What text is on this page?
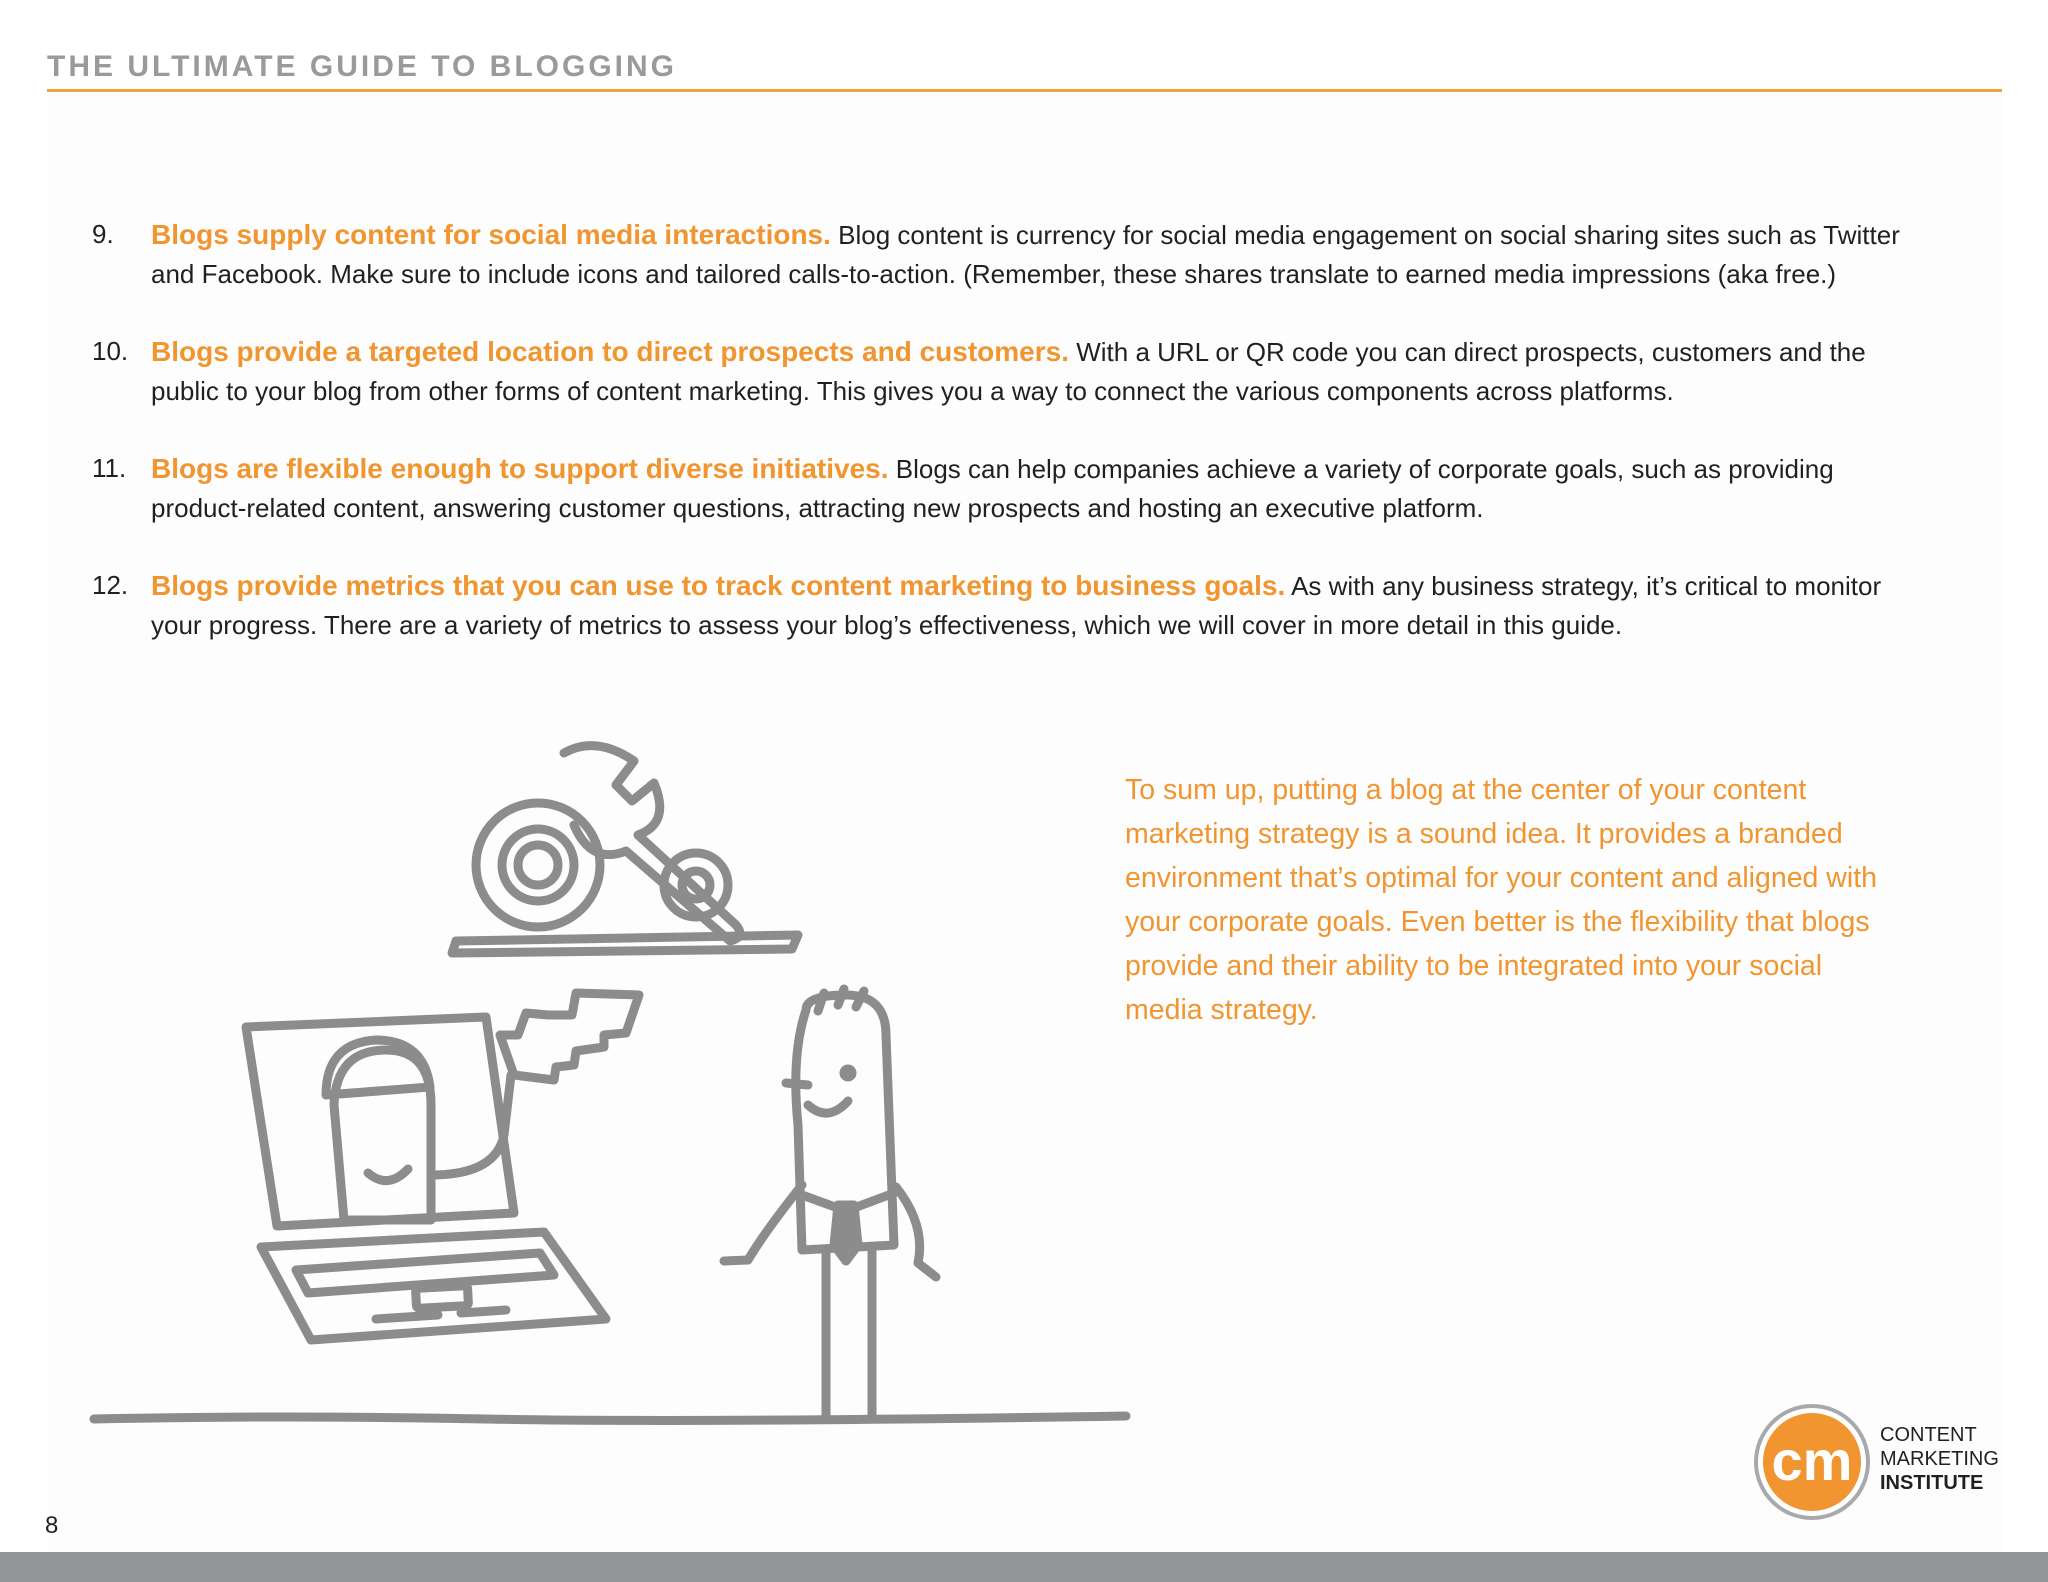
THE ULTIMATE GUIDE TO BLOGGING
9. Blogs supply content for social media interactions. Blog content is currency for social media engagement on social sharing sites such as Twitter and Facebook. Make sure to include icons and tailored calls-to-action. (Remember, these shares translate to earned media impressions (aka free.)
10. Blogs provide a targeted location to direct prospects and customers. With a URL or QR code you can direct prospects, customers and the public to your blog from other forms of content marketing. This gives you a way to connect the various components across platforms.
11. Blogs are flexible enough to support diverse initiatives. Blogs can help companies achieve a variety of corporate goals, such as providing product-related content, answering customer questions, attracting new prospects and hosting an executive platform.
12. Blogs provide metrics that you can use to track content marketing to business goals. As with any business strategy, it’s critical to monitor your progress. There are a variety of metrics to assess your blog’s effectiveness, which we will cover in more detail in this guide.
To sum up, putting a blog at the center of your content marketing strategy is a sound idea. It provides a branded environment that’s optimal for your content and aligned with your corporate goals. Even better is the flexibility that blogs provide and their ability to be integrated into your social media strategy.
cm CONTENT
MARKETING
INSTITUTE
8
